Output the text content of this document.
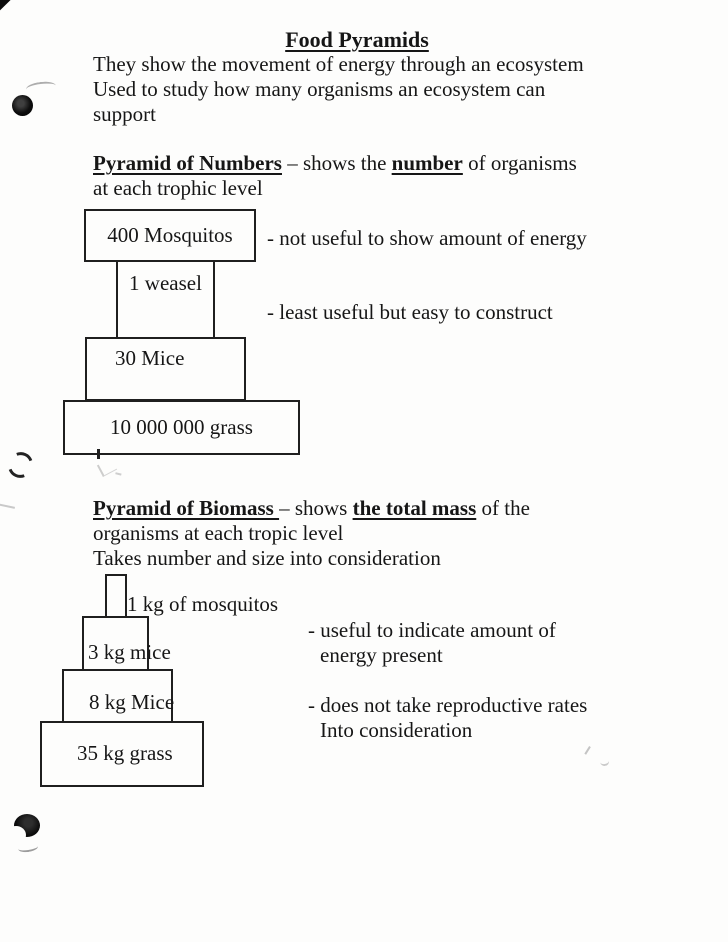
Food Pyramids
They show the movement of energy through an ecosystem
Used to study how many organisms an ecosystem can
support
Pyramid of Numbers – shows the number of organisms
at each trophic level
400 Mosquitos
1 weasel
30 Mice
10 000 000 grass
- not useful to show amount of energy
- least useful but easy to construct
Pyramid of Biomass – shows the total mass of the
organisms at each tropic level
Takes number and size into consideration
1 kg of mosquitos
3 kg mice
8 kg Mice
35 kg grass
- useful to indicate amount of
energy present
- does not take reproductive rates
Into consideration
